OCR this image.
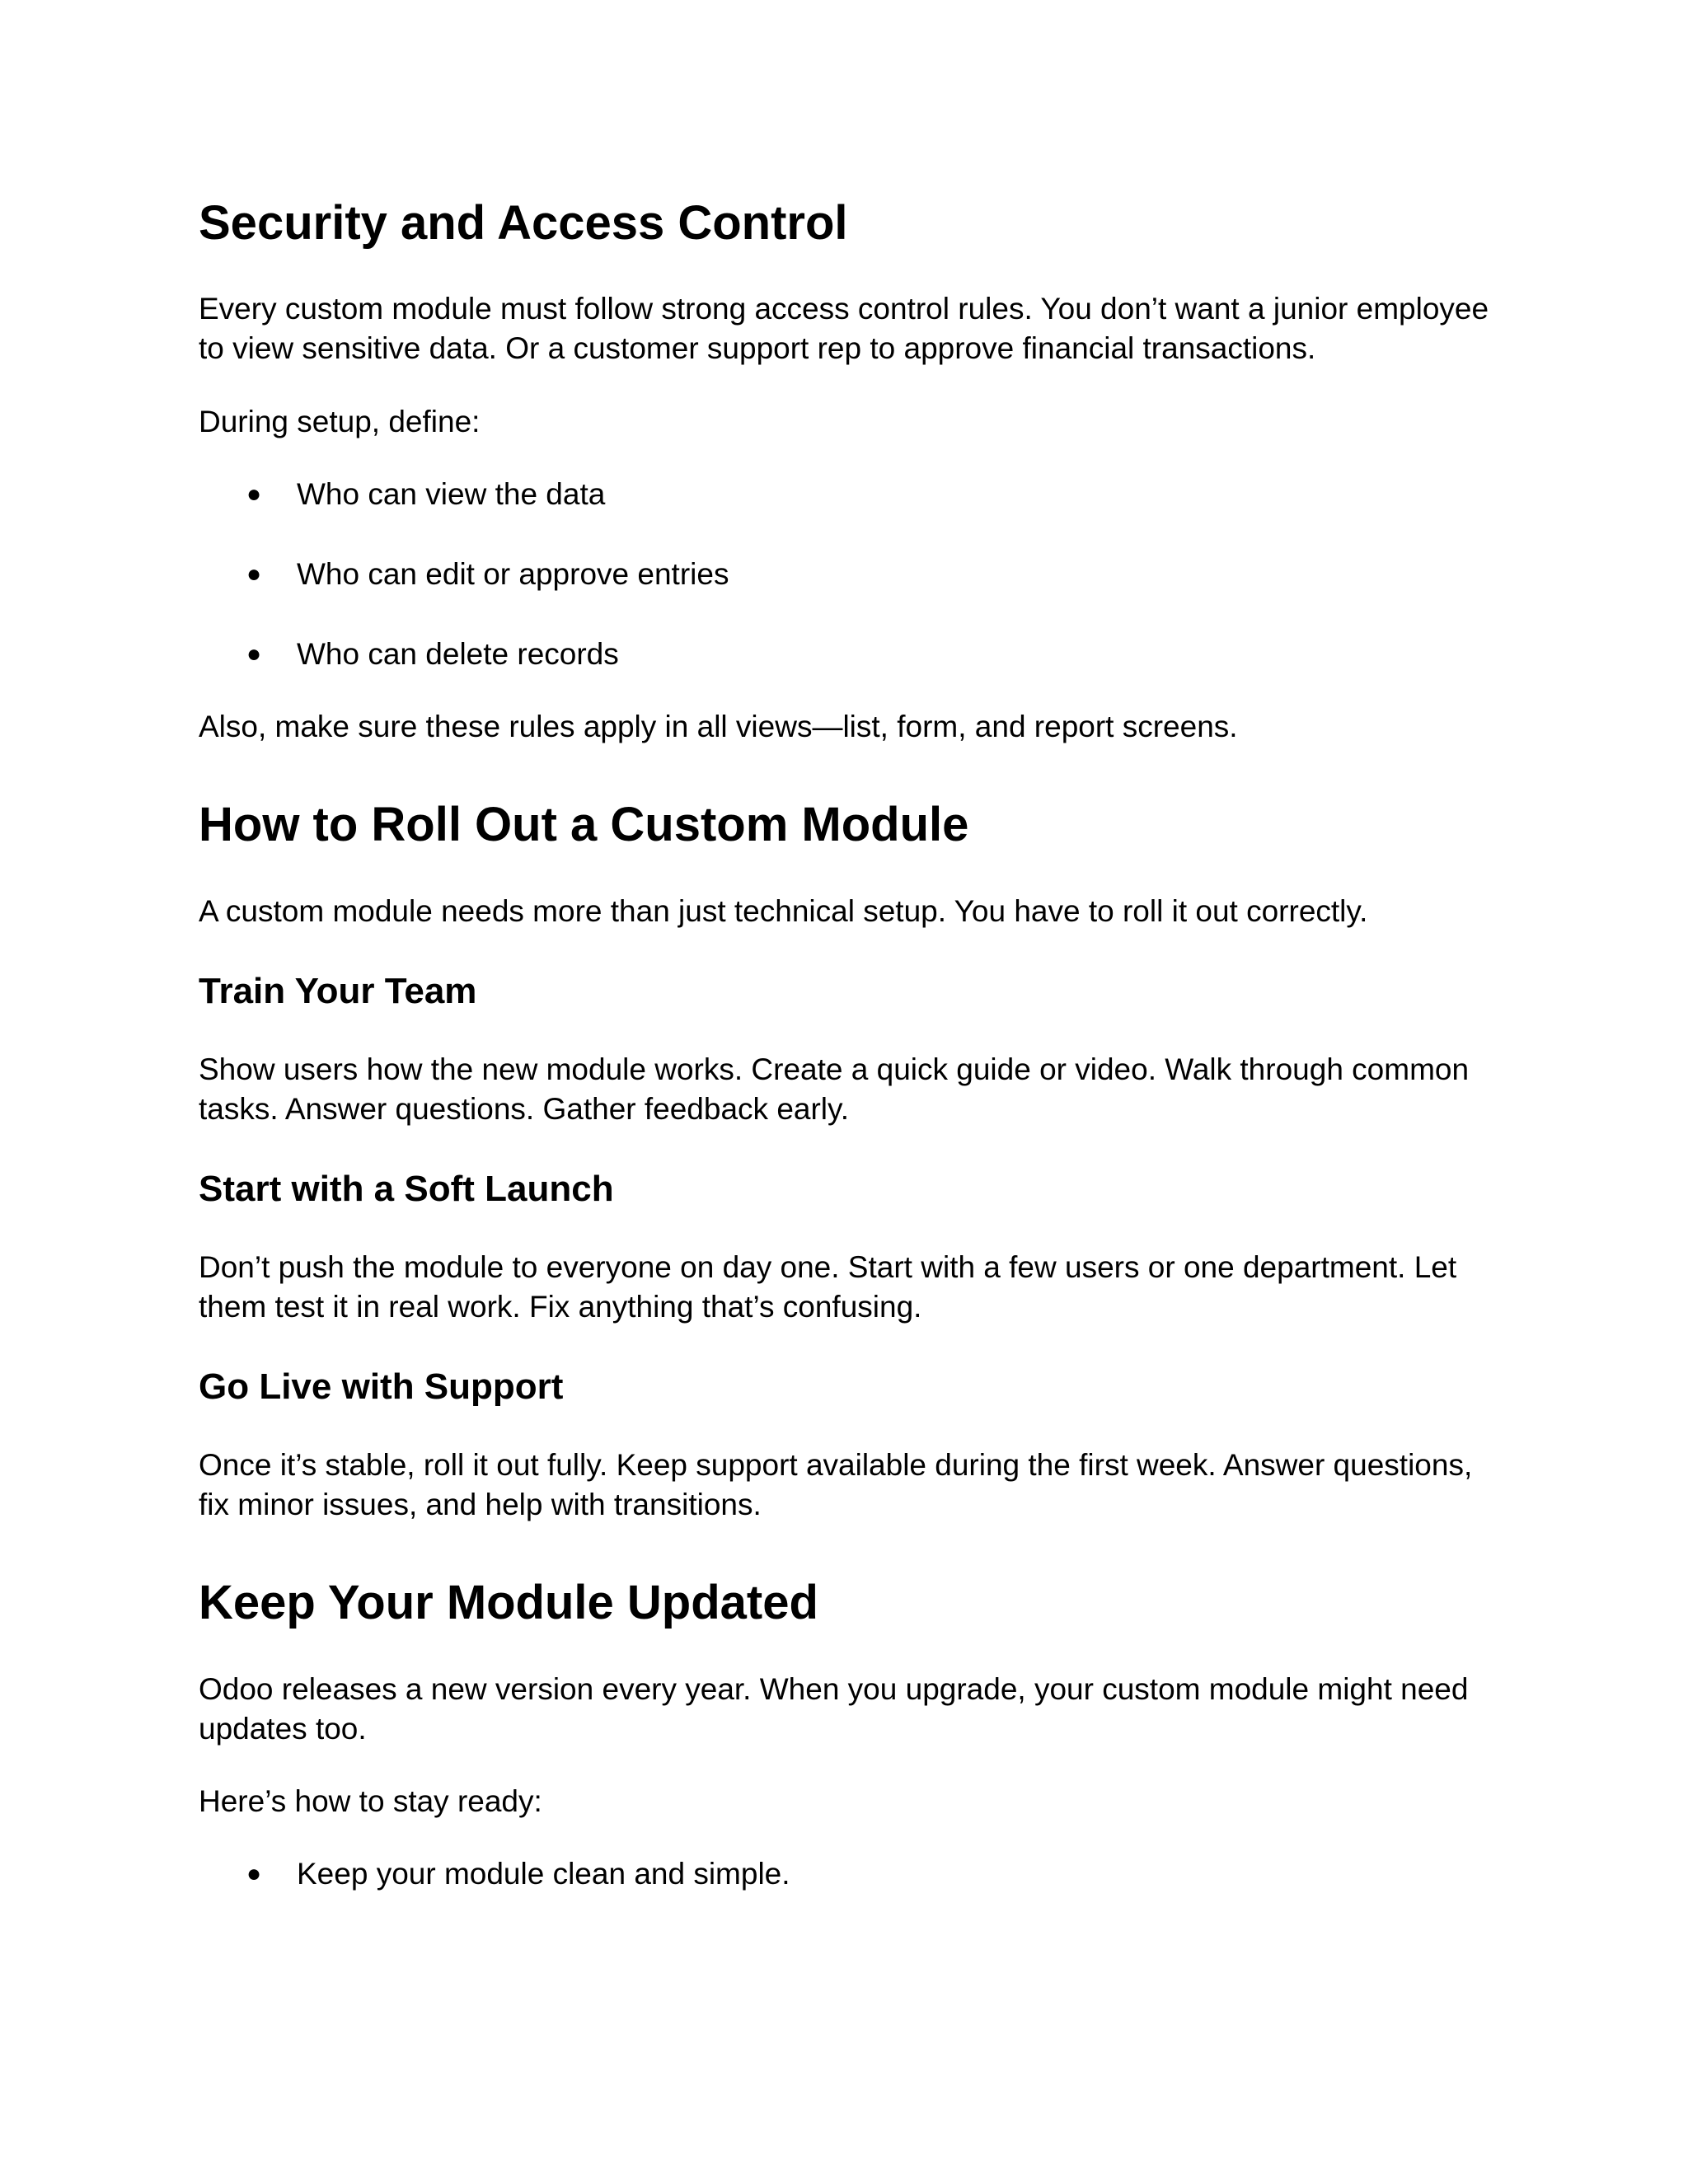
Security and Access Control

Every custom module must follow strong access control rules. You don’t want a junior employee

to view sensitive data. Or a customer support rep to approve financial transactions.

During setup, define:

● Who can view the data
● Who can edit or approve entries
● Who can delete records

Also, make sure these rules apply in all views—list, form, and report screens.

How to Roll Out a Custom Module

A custom module needs more than just technical setup. You have to roll it out correctly.

Train Your Team

Show users how the new module works. Create a quick guide or video. Walk through common

tasks. Answer questions. Gather feedback early.

Start with a Soft Launch

Don’t push the module to everyone on day one. Start with a few users or one department. Let

them test it in real work. Fix anything that’s confusing.

Go Live with Support

Once it’s stable, roll it out fully. Keep support available during the first week. Answer questions,

fix minor issues, and help with transitions.

Keep Your Module Updated

Odoo releases a new version every year. When you upgrade, your custom module might need

updates too.

Here’s how to stay ready:

● Keep your module clean and simple.
